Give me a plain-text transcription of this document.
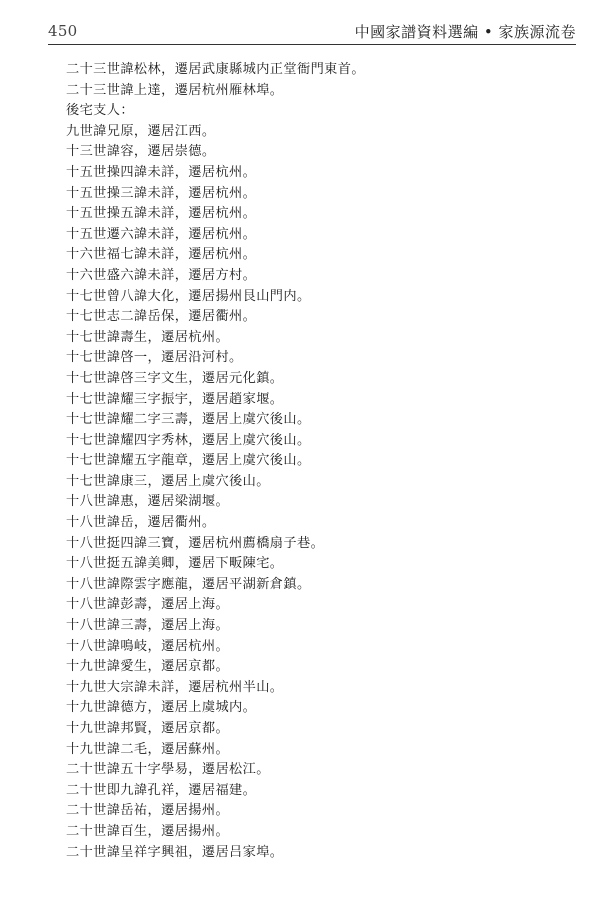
450	中國家譜資料選編 • 家族源流卷
二十三世諱松林，遷居武康縣城内正堂衙門東首。
二十三世諱上達，遷居杭州雁林埠。
後宅支人：
九世諱兄原，遷居江西。
十三世諱容，遷居崇德。
十五世操四諱未詳，遷居杭州。
十五世操三諱未詳，遷居杭州。
十五世操五諱未詳，遷居杭州。
十五世遷六諱未詳，遷居杭州。
十六世福七諱未詳，遷居杭州。
十六世盛六諱未詳，遷居方村。
十七世曾八諱大化，遷居揚州艮山門内。
十七世志二諱岳保，遷居衢州。
十七世諱壽生，遷居杭州。
十七世諱啓一，遷居沿河村。
十七世諱啓三字文生，遷居元化鎮。
十七世諱耀三字振宇，遷居趙家堰。
十七世諱耀二字三壽，遷居上虞穴後山。
十七世諱耀四字秀林，遷居上虞穴後山。
十七世諱耀五字龍章，遷居上虞穴後山。
十七世諱康三，遷居上虞穴後山。
十八世諱惠，遷居梁湖堰。
十八世諱岳，遷居衢州。
十八世挺四諱三寶，遷居杭州薦橋扇子巷。
十八世挺五諱美卿，遷居下畈陳宅。
十八世諱際雲字應龍，遷居平湖新倉鎮。
十八世諱彭壽，遷居上海。
十八世諱三壽，遷居上海。
十八世諱鳴岐，遷居杭州。
十九世諱愛生，遷居京都。
十九世大宗諱未詳，遷居杭州半山。
十九世諱德方，遷居上虞城内。
十九世諱邦賢，遷居京都。
十九世諱二毛，遷居蘇州。
二十世諱五十字學易，遷居松江。
二十世即九諱孔祥，遷居福建。
二十世諱岳祐，遷居揚州。
二十世諱百生，遷居揚州。
二十世諱呈祥字興祖，遷居吕家埠。
